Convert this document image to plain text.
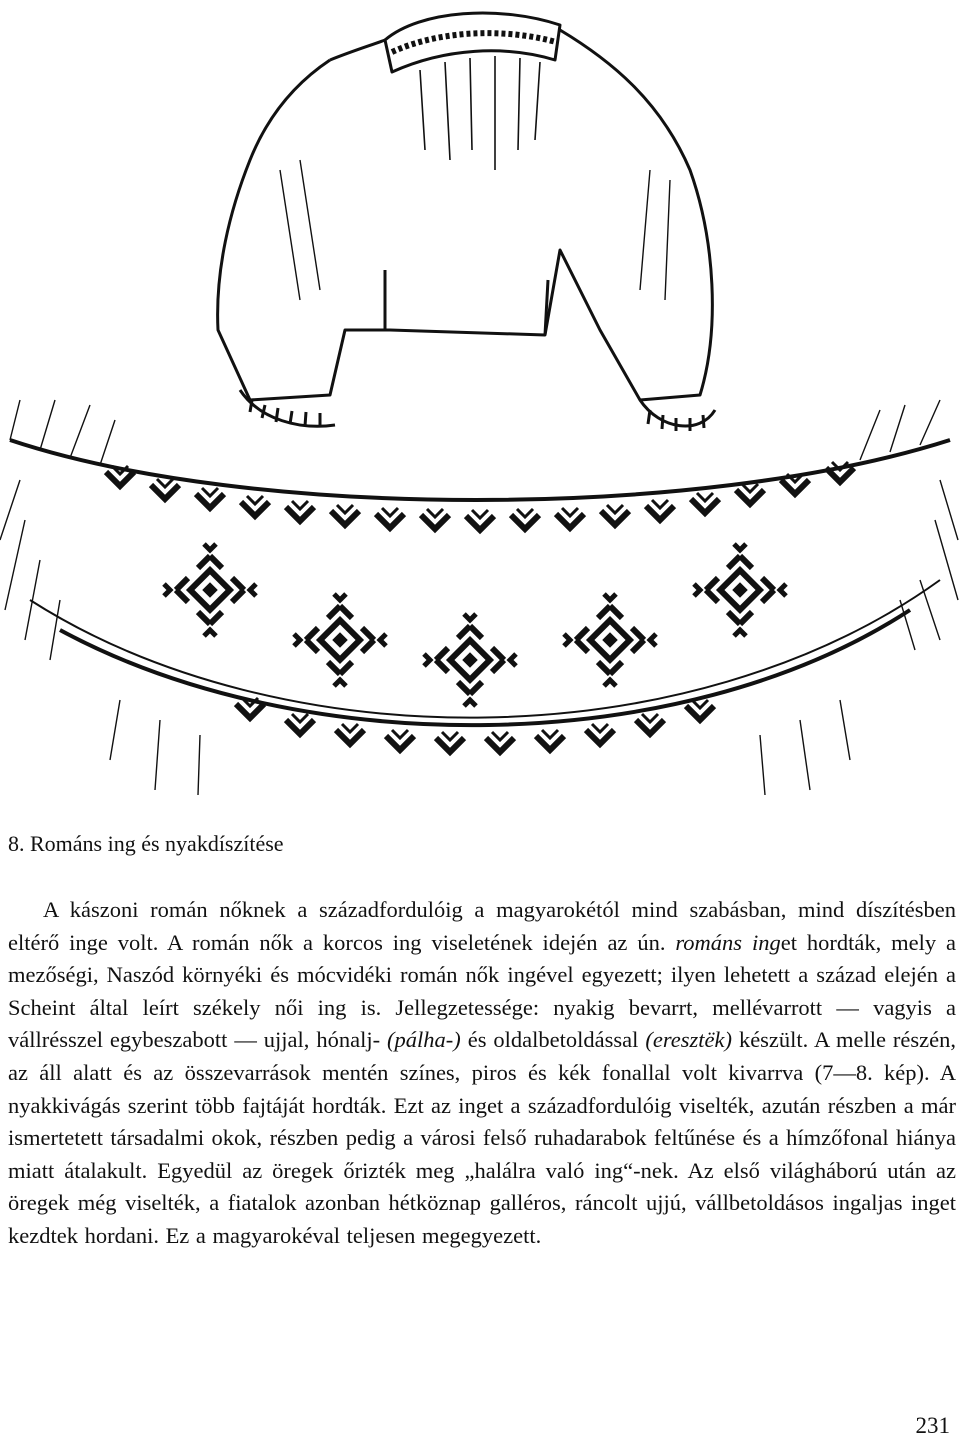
8. Románs ing és nyakdíszítése

A kászoni román nőknek a századfordulóig a magyarokétól mind szabásban, mind díszítésben eltérő inge volt. A román nők a korcos ing viseletének idején az ún. románs inget hordták, mely a mezőségi, Naszód környéki és mócvidéki román nők ingével egyezett; ilyen lehetett a század elején a Scheint által leírt székely női ing is. Jellegzetessége: nyakig bevarrt, mellévarrott — vagyis a vállrésszel egybeszabott — ujjal, hónalj- (pálha-) és oldalbetoldással (eresztëk) készült. A melle részén, az áll alatt és az összevarrások mentén színes, piros és kék fonallal volt kivarrva (7—8. kép). A nyakkivágás szerint több fajtáját hordták. Ezt az inget a századfordulóig viselték, azután részben a már ismertetett társadalmi okok, részben pedig a városi felső ruhadarabok feltűnése és a hímzőfonal hiánya miatt átalakult. Egyedül az öregek őrizték meg „halálra való ing“-nek. Az első világháború után az öregek még viselték, a fiatalok azonban hétköznap galléros, ráncolt ujjú, vállbetoldásos ingaljas inget kezdtek hordani. Ez a magyarokéval teljesen megegyezett.

231
